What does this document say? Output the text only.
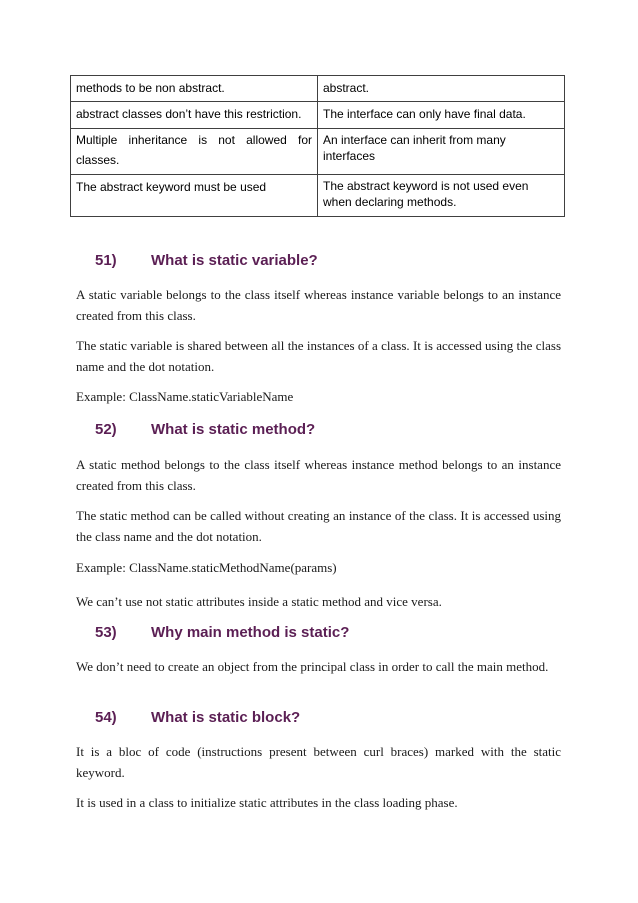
methods to be non abstract.	abstract.
abstract classes don’t have this restriction.	The interface can only have final data.
Multiple inheritance is not allowed for classes.	An interface can inherit from many interfaces
The abstract keyword must be used	The abstract keyword is not used even when declaring methods.
51) What is static variable?

A static variable belongs to the class itself whereas instance variable belongs to an instance created from this class.

The static variable is shared between all the instances of a class. It is accessed using the class name and the dot notation.

Example: ClassName.staticVariableName

52) What is static method?

A static method belongs to the class itself whereas instance method belongs to an instance created from this class.

The static method can be called without creating an instance of the class. It is accessed using the class name and the dot notation.

Example: ClassName.staticMethodName(params)

We can’t use not static attributes inside a static method and vice versa.

53) Why main method is static?

We don’t need to create an object from the principal class in order to call the main method.

54) What is static block?

It is a bloc of code (instructions present between curl braces) marked with the static keyword.

It is used in a class to initialize static attributes in the class loading phase.
